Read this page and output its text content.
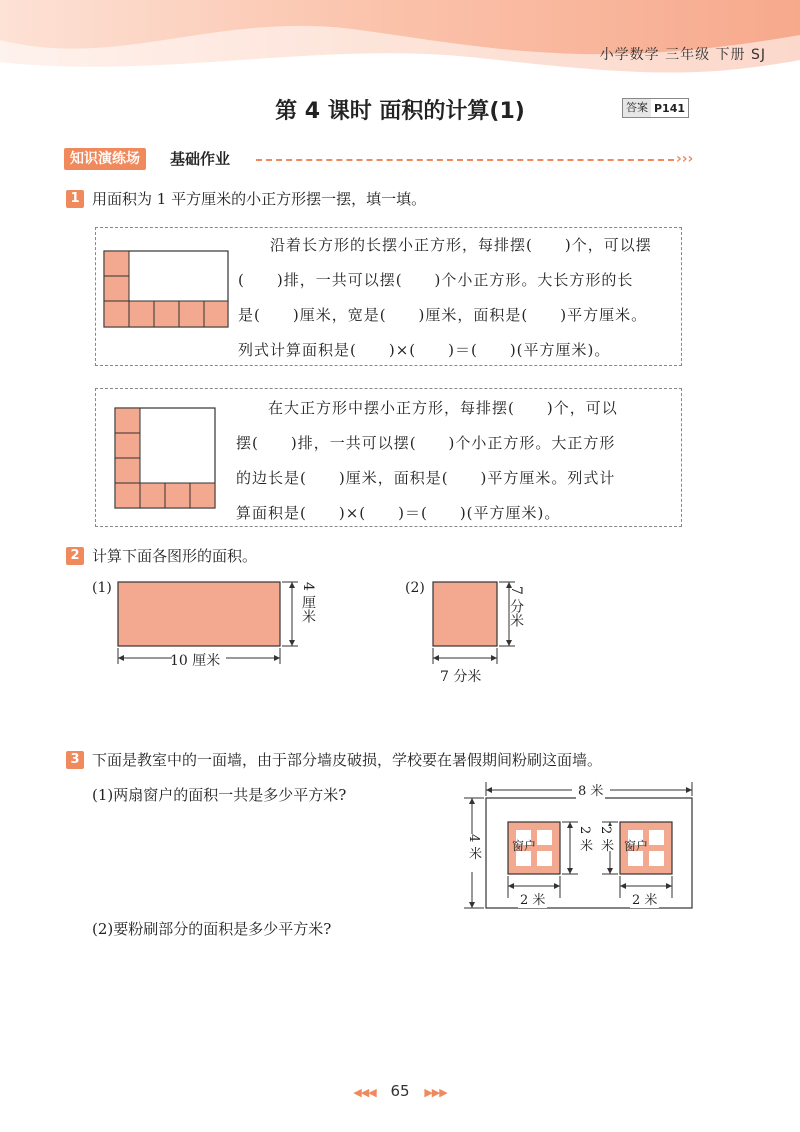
小学数学 三年级 下册 SJ
第 4 课时 面积的计算(1)	答案 P141
知识演练场	基础作业	›››
1 用面积为 1 平方厘米的小正方形摆一摆，填一填。
　　沿着长方形的长摆小正方形，每排摆(　　)个，可以摆
(　　)排，一共可以摆(　　)个小正方形。大长方形的长
是(　　)厘米，宽是(　　)厘米，面积是(　　)平方厘米。
列式计算面积是(　　)×(　　)＝(　　)(平方厘米)。
　　在大正方形中摆小正方形，每排摆(　　)个，可以
摆(　　)排，一共可以摆(　　)个小正方形。大正方形
的边长是(　　)厘米，面积是(　　)平方厘米。列式计
算面积是(　　)×(　　)＝(　　)(平方厘米)。
2 计算下面各图形的面积。
(1)
10 厘米
4 厘米	(2)
7 分米
7 分米
3 下面是教室中的一面墙，由于部分墙皮破损，学校要在暑假期间粉刷这面墙。
(1)两扇窗户的面积一共是多少平方米?
(2)要粉刷部分的面积是多少平方米?
8 米
4 米	窗户	窗户
2 米 2 米
2 米	2 米
◀◀◀ 65 ▶▶▶
